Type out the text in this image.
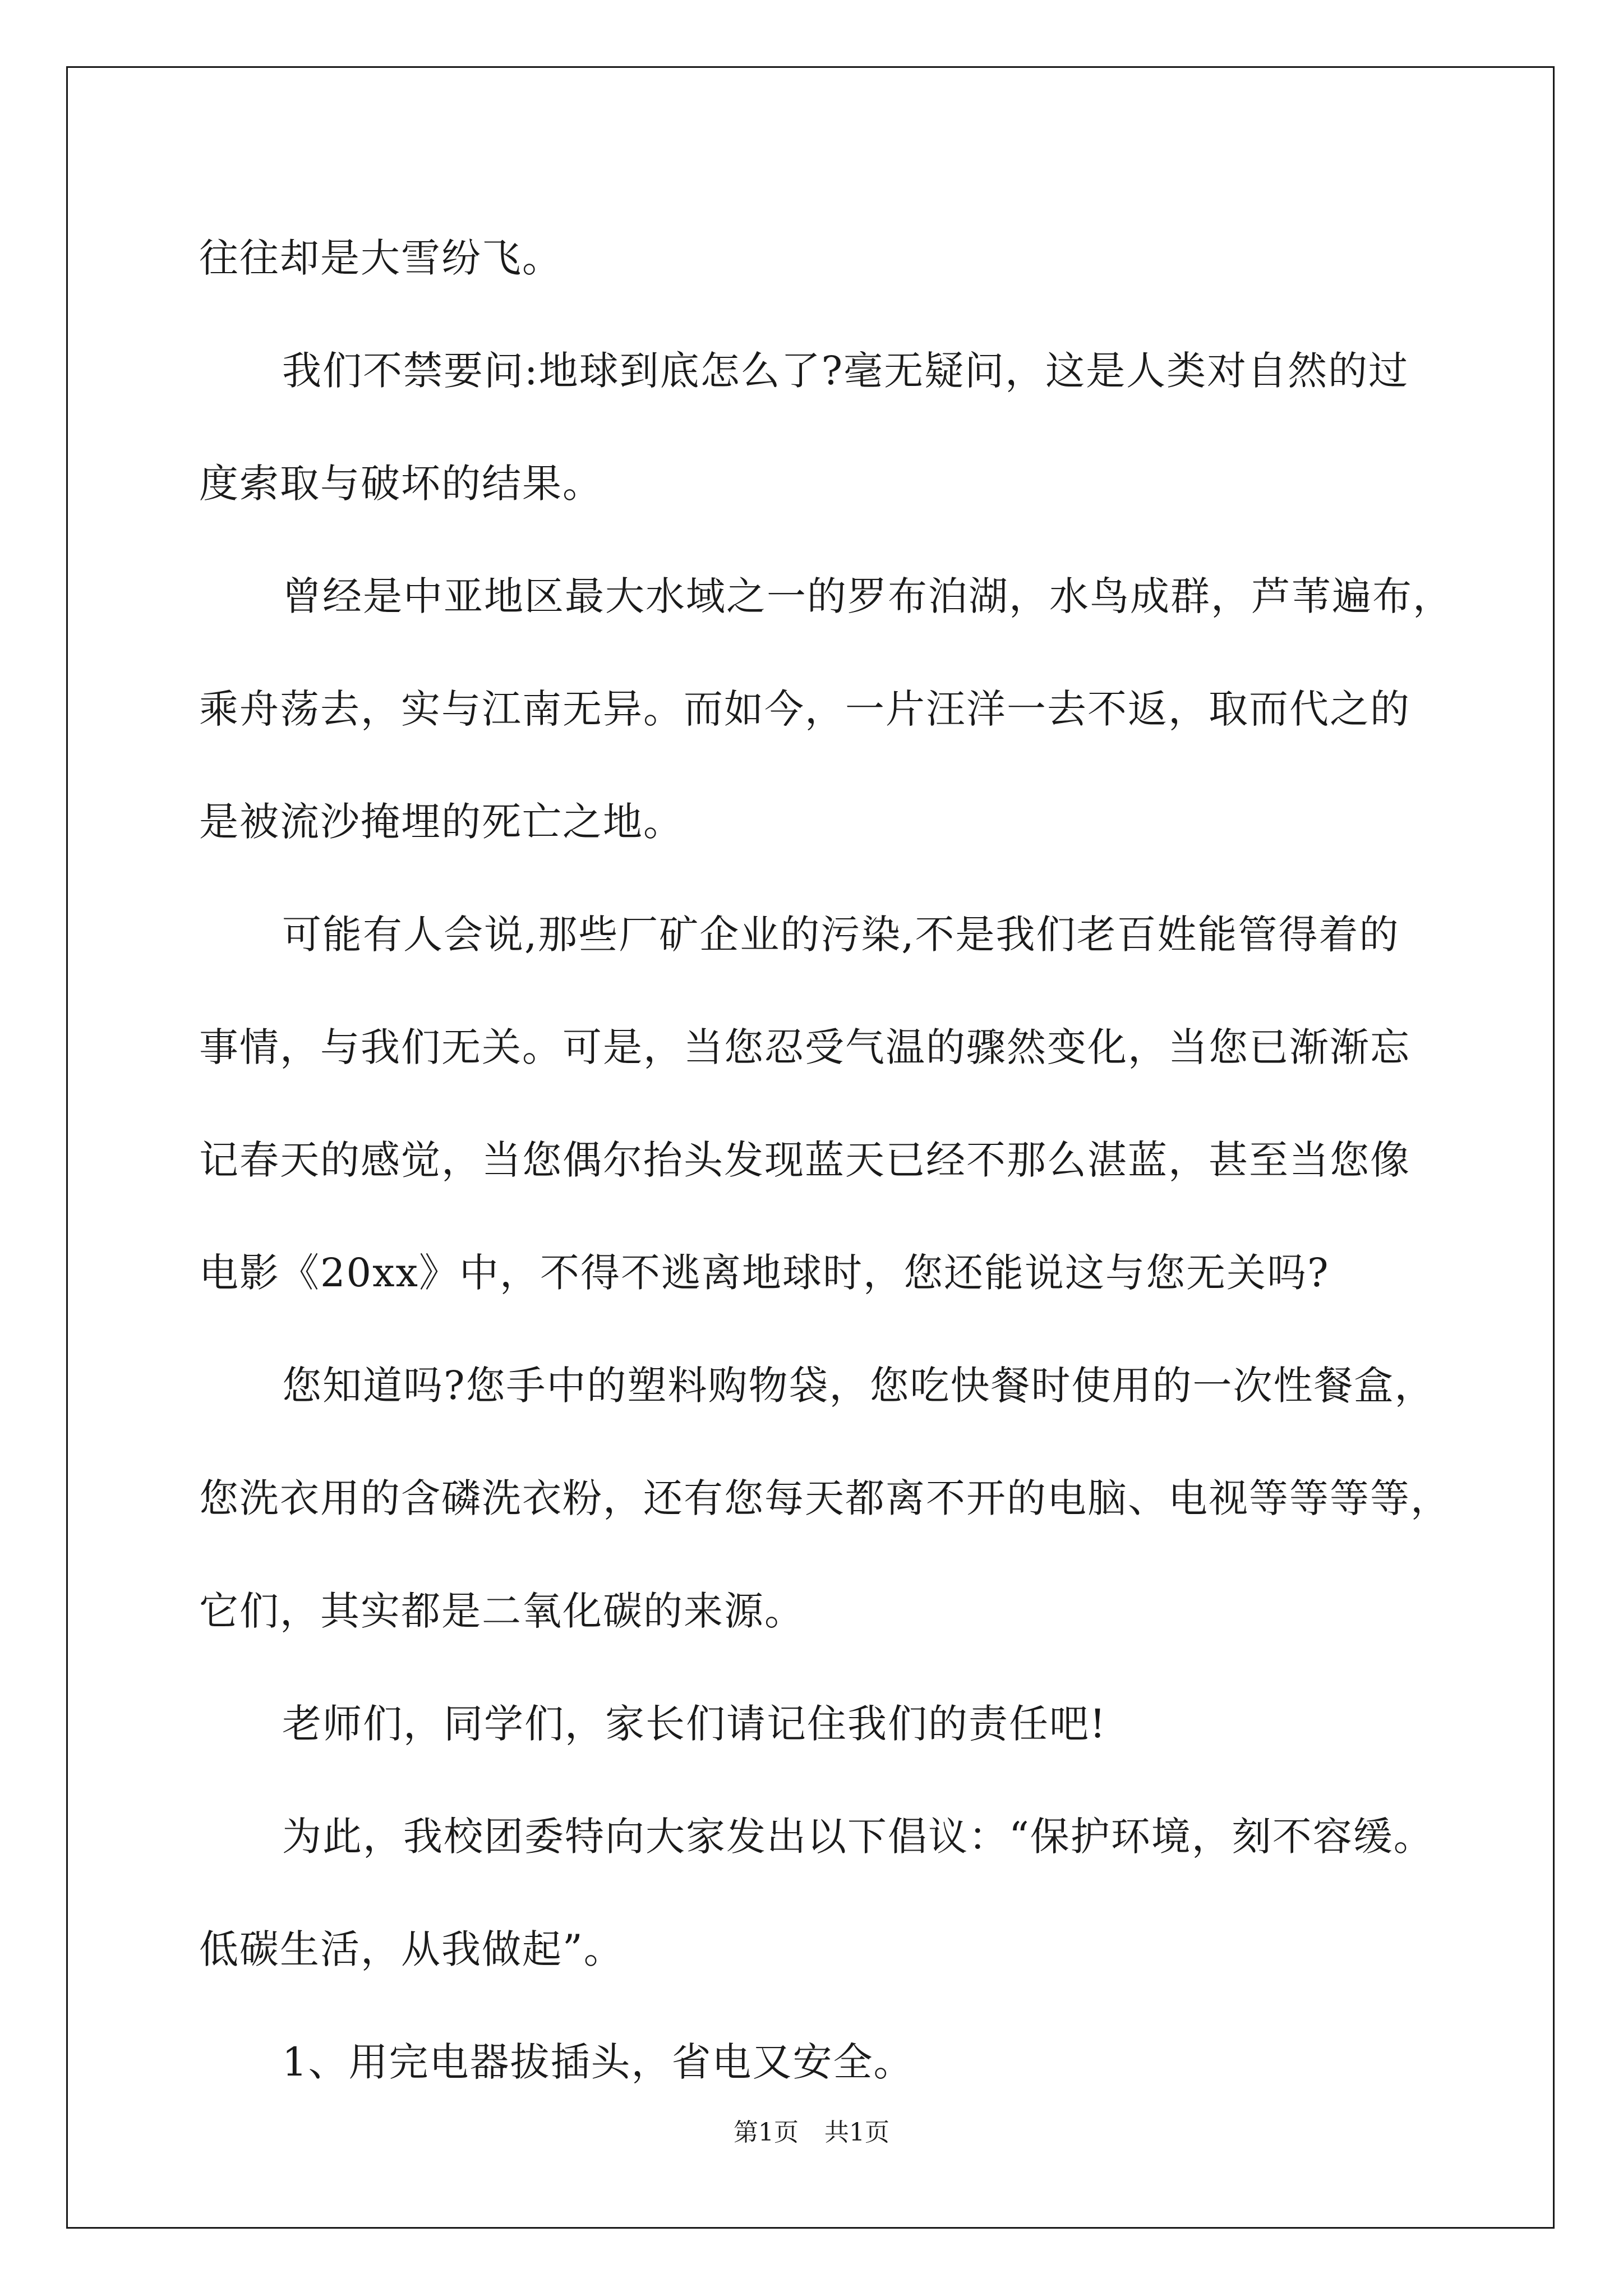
往往却是大雪纷飞。
我们不禁要问:地球到底怎么了?毫无疑问，这是人类对自然的过
度索取与破坏的结果。
曾经是中亚地区最大水域之一的罗布泊湖，水鸟成群，芦苇遍布，
乘舟荡去，实与江南无异。而如今，一片汪洋一去不返，取而代之的
是被流沙掩埋的死亡之地。
可能有人会说,那些厂矿企业的污染,不是我们老百姓能管得着的
事情，与我们无关。可是，当您忍受气温的骤然变化，当您已渐渐忘
记春天的感觉，当您偶尔抬头发现蓝天已经不那么湛蓝，甚至当您像
电影《20xx》中，不得不逃离地球时，您还能说这与您无关吗?
您知道吗?您手中的塑料购物袋，您吃快餐时使用的一次性餐盒，
您洗衣用的含磷洗衣粉，还有您每天都离不开的电脑、电视等等等等，
它们，其实都是二氧化碳的来源。
老师们，同学们，家长们请记住我们的责任吧!
为此，我校团委特向大家发出以下倡议：“保护环境，刻不容缓。
低碳生活，从我做起”。
1、用完电器拔插头，省电又安全。
第1页 共1页
